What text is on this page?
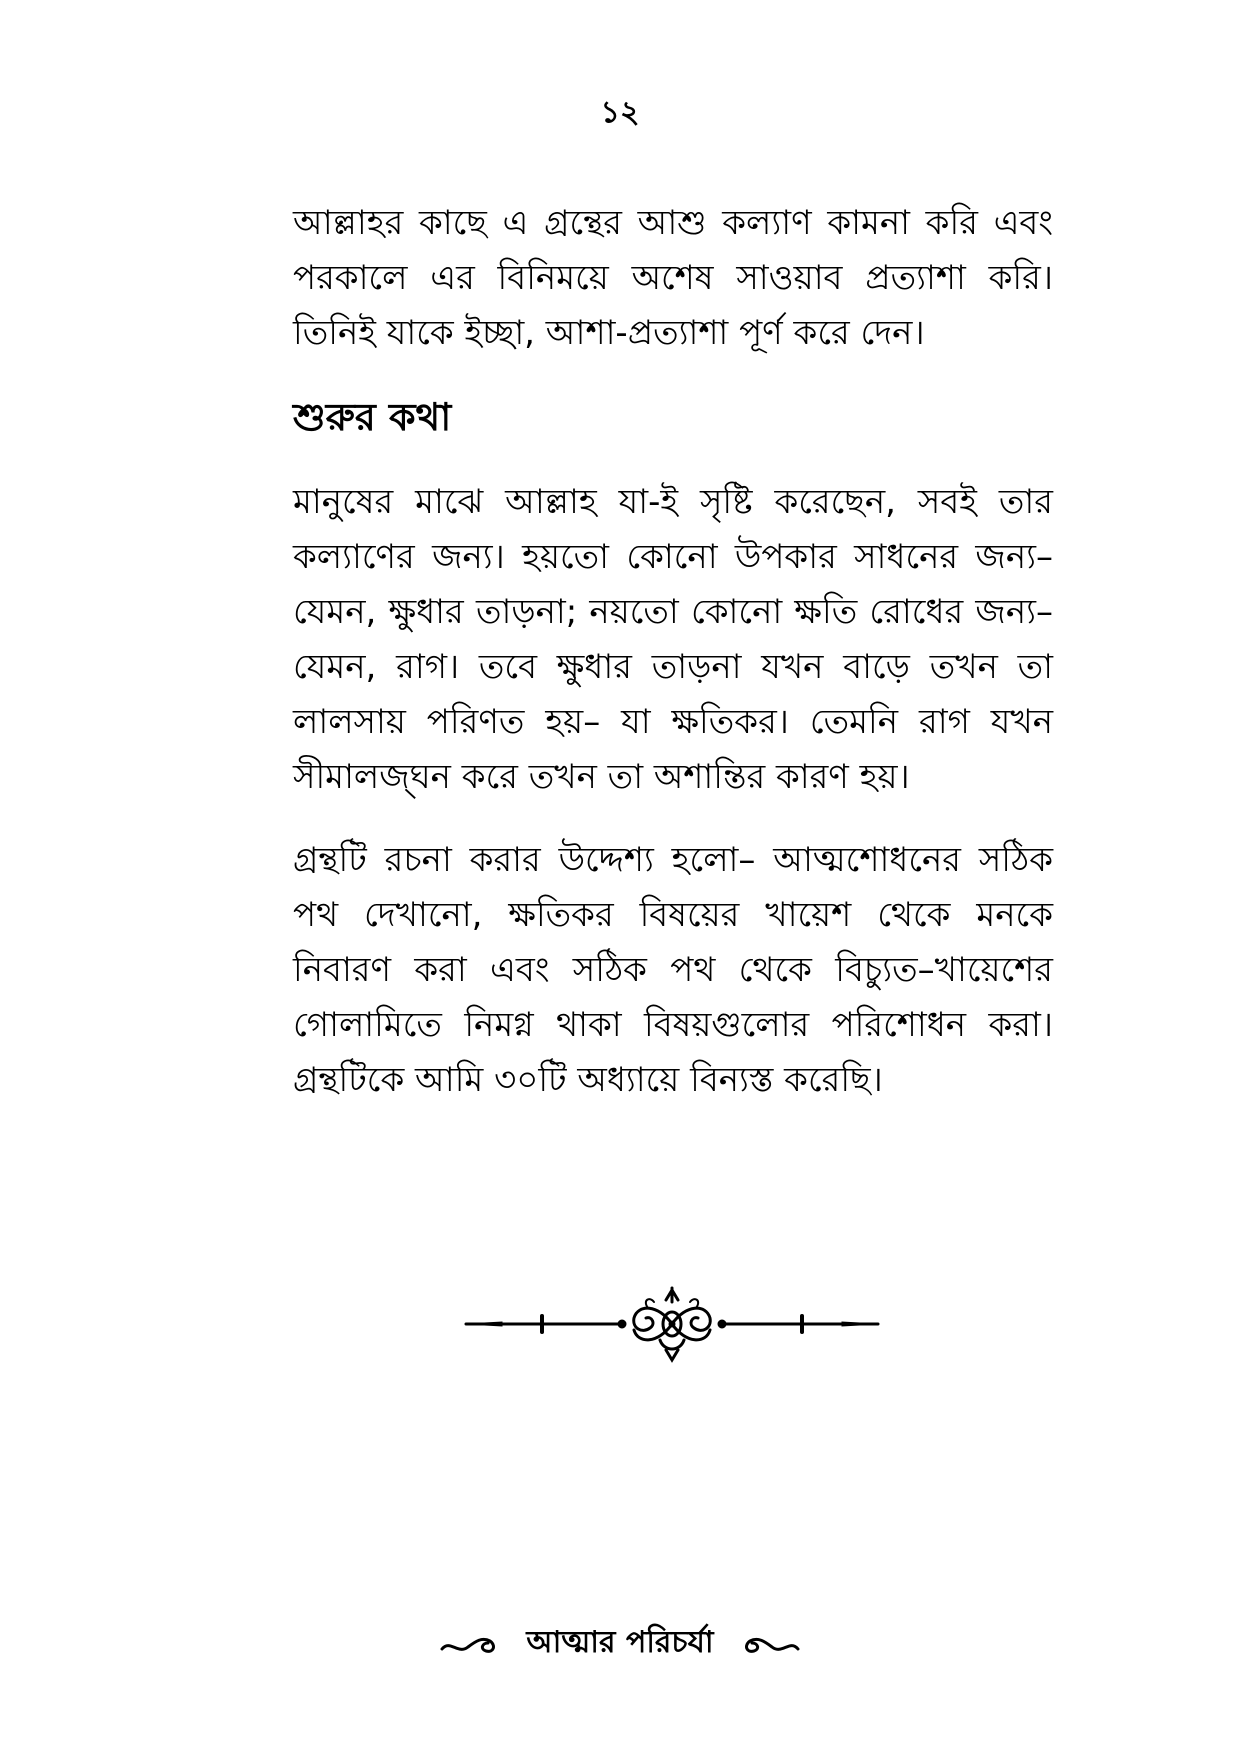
১২

আল্লাহর কাছে এ গ্রন্থের আশু কল্যাণ কামনা করি এবং পরকালে এর বিনিময়ে অশেষ সাওয়াব প্রত্যাশা করি। তিনিই যাকে ইচ্ছা, আশা-প্রত্যাশা পূর্ণ করে দেন।

শুরুর কথা

মানুষের মাঝে আল্লাহ যা-ই সৃষ্টি করেছেন, সবই তার কল্যাণের জন্য। হয়তো কোনো উপকার সাধনের জন্য– যেমন, ক্ষুধার তাড়না; নয়তো কোনো ক্ষতি রোধের জন্য– যেমন, রাগ। তবে ক্ষুধার তাড়না যখন বাড়ে তখন তা লালসায় পরিণত হয়– যা ক্ষতিকর। তেমনি রাগ যখন সীমালজ্ঘন করে তখন তা অশান্তির কারণ হয়।

গ্রন্থটি রচনা করার উদ্দেশ্য হলো– আত্মশোধনের সঠিক পথ দেখানো, ক্ষতিকর বিষয়ের খায়েশ থেকে মনকে নিবারণ করা এবং সঠিক পথ থেকে বিচ্যুত–খায়েশের গোলামিতে নিমগ্ন থাকা বিষয়গুলোর পরিশোধন করা। গ্রন্থটিকে আমি ৩০টি অধ্যায়ে বিন্যস্ত করেছি।

আত্মার পরিচর্যা
